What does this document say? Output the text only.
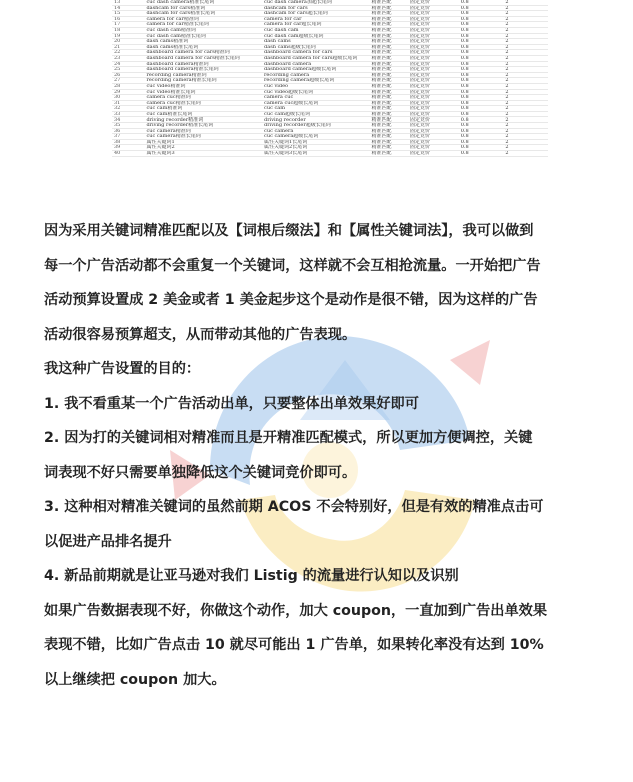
13	cuc dash camera精准长尾词	cuc dash camera加超长尾词	精准匹配	固定竞价	0.8	2
14	dashcam for cars精准词	dashcam for cars	精准匹配	固定竞价	0.8	2
15	dashcam for cars精准长尾词	dashcam for cars超长尾词	精准匹配	固定竞价	0.8	2
16	camera for car精准词	camera for car	精准匹配	固定竞价	0.8	2
17	camera for car精准长尾词	camera for car超长尾词	精准匹配	固定竞价	0.8	2
18	cuc dash cam精准词	cuc dash cam	精准匹配	固定竞价	0.8	2
19	cuc dash cam精准长尾词	cuc dash cam超级长尾词	精准匹配	固定竞价	0.8	2
20	dash cams精准词	dash cams	精准匹配	固定竞价	0.8	2
21	dash cams精准长尾词	dash cams超级长尾词	精准匹配	固定竞价	0.8	2
22	dashboard camera for cars精准词	dashboard camera for cars	精准匹配	固定竞价	0.8	2
23	dashboard camera for cars精准长尾词	dashboard camera for cars超级长尾词	精准匹配	固定竞价	0.8	2
24	dashboard camera精准词	dashboard camera	精准匹配	固定竞价	0.8	2
25	dashboard camera精准长尾词	dashboard camera超级长尾词	精准匹配	固定竞价	0.8	2
26	recording camera精准词	recording camera	精准匹配	固定竞价	0.8	2
27	recording camera精准长尾词	recording camera超级长尾词	精准匹配	固定竞价	0.8	2
28	cuc video精准词	cuc video	精准匹配	固定竞价	0.8	2
29	cuc video精准长尾词	cuc video超级长尾词	精准匹配	固定竞价	0.8	2
30	camera cuc精准词	camera cuc	精准匹配	固定竞价	0.8	2
31	camera cuc精准长尾词	camera cuc超级长尾词	精准匹配	固定竞价	0.8	2
32	cuc cam精准词	cuc cam	精准匹配	固定竞价	0.8	2
33	cuc cam精准长尾词	cuc cam超级长尾词	精准匹配	固定竞价	0.8	2
34	driving recorder精准词	driving recorder	精准匹配	固定竞价	0.8	2
35	driving recorder精准长尾词	driving recorder超级长尾词	精准匹配	固定竞价	0.8	2
36	cuc camera精准词	cuc camera	精准匹配	固定竞价	0.8	2
37	cuc camera精准长尾词	cuc camera超级长尾词	精准匹配	固定竞价	0.8	2
38	属性关键词1	属性关键词1长尾词	精准匹配	固定竞价	0.8	2
39	属性关键词2	属性关键词2长尾词	精准匹配	固定竞价	0.8	2
40	属性关键词3	属性关键词3长尾词	精准匹配	固定竞价	0.8	2

因为采用关键词精准匹配以及【词根后缀法】和【属性关键词法】，我可以做到

每一个广告活动都不会重复一个关键词，这样就不会互相抢流量。一开始把广告

活动预算设置成 2 美金或者 1 美金起步这个是动作是很不错，因为这样的广告

活动很容易预算超支，从而带动其他的广告表现。

我这种广告设置的目的：

1. 我不看重某一个广告活动出单，只要整体出单效果好即可

2. 因为打的关键词相对精准而且是开精准匹配模式，所以更加方便调控，关键

词表现不好只需要单独降低这个关键词竞价即可。

3. 这种相对精准关键词的虽然前期 ACOS 不会特别好，但是有效的精准点击可

以促进产品排名提升

4. 新品前期就是让亚马逊对我们 Listig 的流量进行认知以及识别

如果广告数据表现不好，你做这个动作，加大 coupon，一直加到广告出单效果

表现不错，比如广告点击 10 就尽可能出 1 广告单，如果转化率没有达到 10%

以上继续把 coupon 加大。
